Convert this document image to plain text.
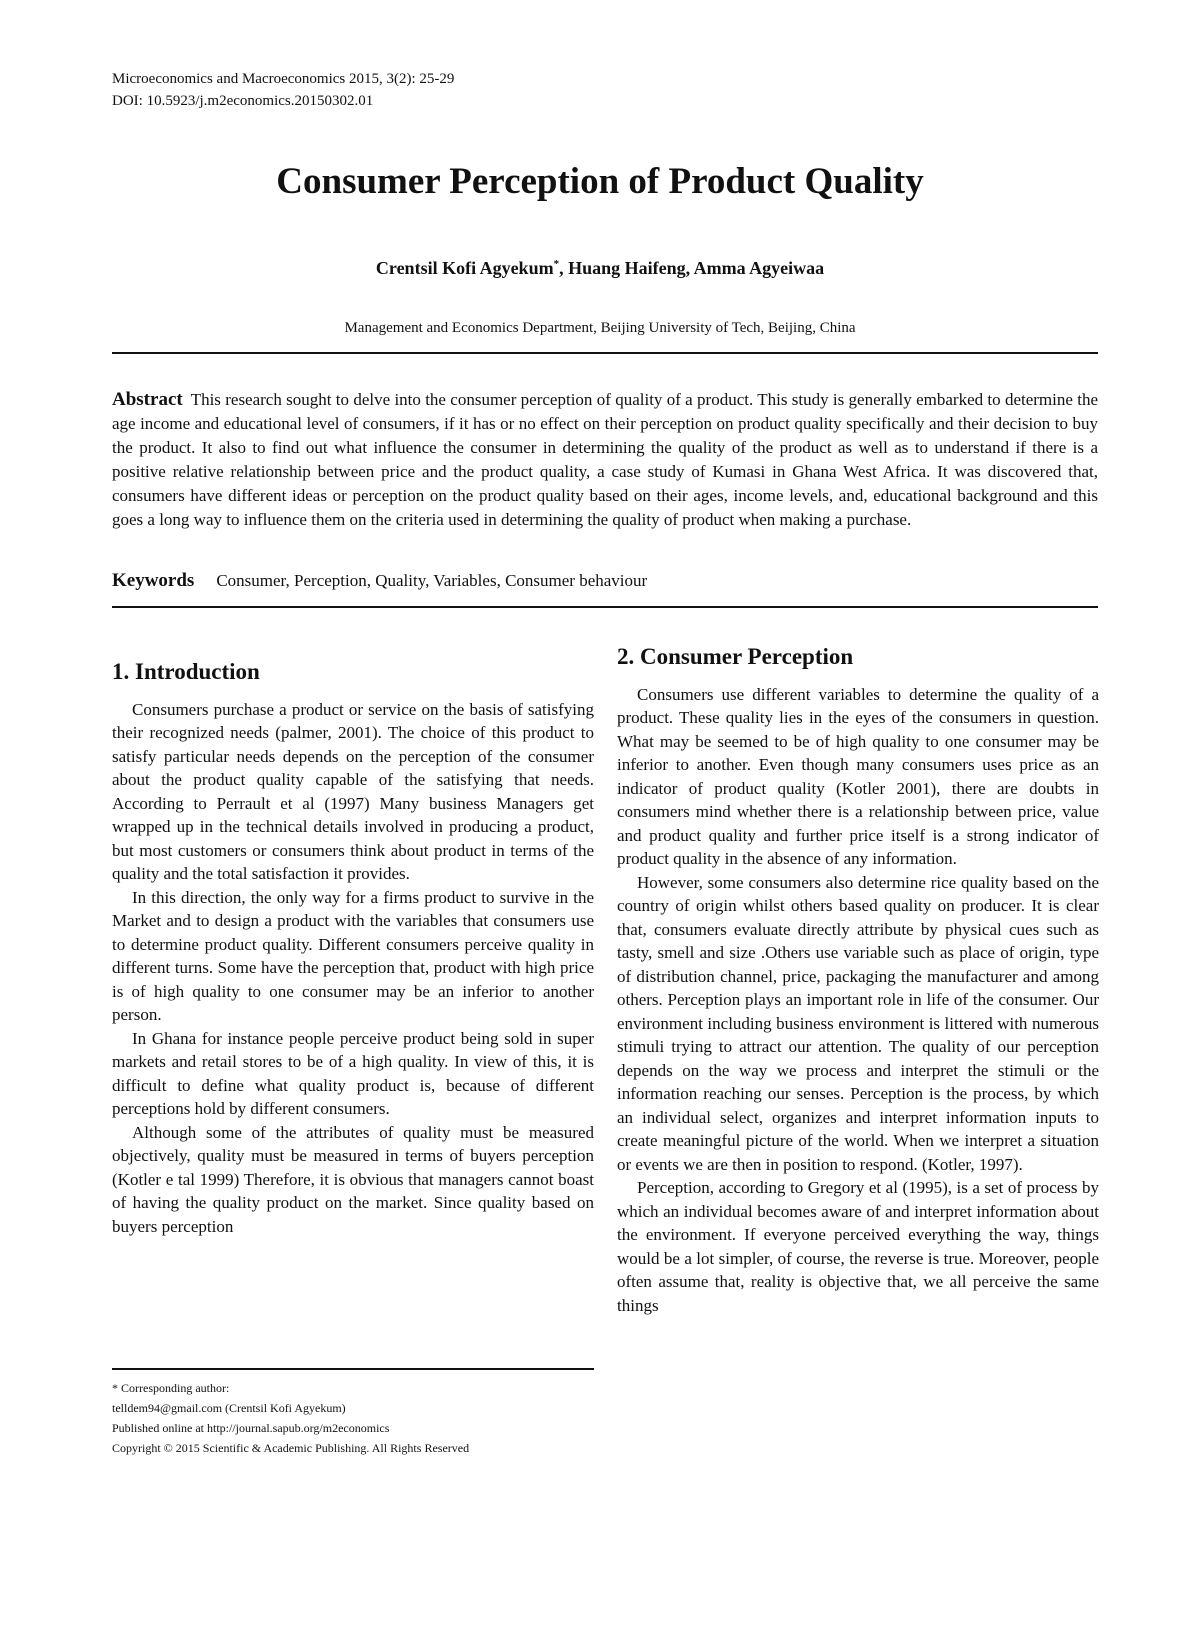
Microeconomics and Macroeconomics 2015, 3(2): 25-29
DOI: 10.5923/j.m2economics.20150302.01
Consumer Perception of Product Quality
Crentsil Kofi Agyekum*, Huang Haifeng, Amma Agyeiwaa
Management and Economics Department, Beijing University of Tech, Beijing, China
Abstract This research sought to delve into the consumer perception of quality of a product. This study is generally embarked to determine the age income and educational level of consumers, if it has or no effect on their perception on product quality specifically and their decision to buy the product. It also to find out what influence the consumer in determining the quality of the product as well as to understand if there is a positive relative relationship between price and the product quality, a case study of Kumasi in Ghana West Africa. It was discovered that, consumers have different ideas or perception on the product quality based on their ages, income levels, and, educational background and this goes a long way to influence them on the criteria used in determining the quality of product when making a purchase.
Keywords Consumer, Perception, Quality, Variables, Consumer behaviour
1. Introduction

Consumers purchase a product or service on the basis of satisfying their recognized needs (palmer, 2001). The choice of this product to satisfy particular needs depends on the perception of the consumer about the product quality capable of the satisfying that needs. According to Perrault et al (1997) Many business Managers get wrapped up in the technical details involved in producing a product, but most customers or consumers think about product in terms of the quality and the total satisfaction it provides.

In this direction, the only way for a firms product to survive in the Market and to design a product with the variables that consumers use to determine product quality. Different consumers perceive quality in different turns. Some have the perception that, product with high price is of high quality to one consumer may be an inferior to another person.

In Ghana for instance people perceive product being sold in super markets and retail stores to be of a high quality. In view of this, it is difficult to define what quality product is, because of different perceptions hold by different consumers.

Although some of the attributes of quality must be measured objectively, quality must be measured in terms of buyers perception (Kotler e tal 1999) Therefore, it is obvious that managers cannot boast of having the quality product on the market. Since quality based on buyers perception

* Corresponding author:
telldem94@gmail.com (Crentsil Kofi Agyekum)
Published online at http://journal.sapub.org/m2economics
Copyright © 2015 Scientific & Academic Publishing. All Rights Reserved
2. Consumer Perception

Consumers use different variables to determine the quality of a product. These quality lies in the eyes of the consumers in question. What may be seemed to be of high quality to one consumer may be inferior to another. Even though many consumers uses price as an indicator of product quality (Kotler 2001), there are doubts in consumers mind whether there is a relationship between price, value and product quality and further price itself is a strong indicator of product quality in the absence of any information.

However, some consumers also determine rice quality based on the country of origin whilst others based quality on producer. It is clear that, consumers evaluate directly attribute by physical cues such as tasty, smell and size .Others use variable such as place of origin, type of distribution channel, price, packaging the manufacturer and among others. Perception plays an important role in life of the consumer. Our environment including business environment is littered with numerous stimuli trying to attract our attention. The quality of our perception depends on the way we process and interpret the stimuli or the information reaching our senses. Perception is the process, by which an individual select, organizes and interpret information inputs to create meaningful picture of the world. When we interpret a situation or events we are then in position to respond. (Kotler, 1997).

Perception, according to Gregory et al (1995), is a set of process by which an individual becomes aware of and interpret information about the environment. If everyone perceived everything the way, things would be a lot simpler, of course, the reverse is true. Moreover, people often assume that, reality is objective that, we all perceive the same things
